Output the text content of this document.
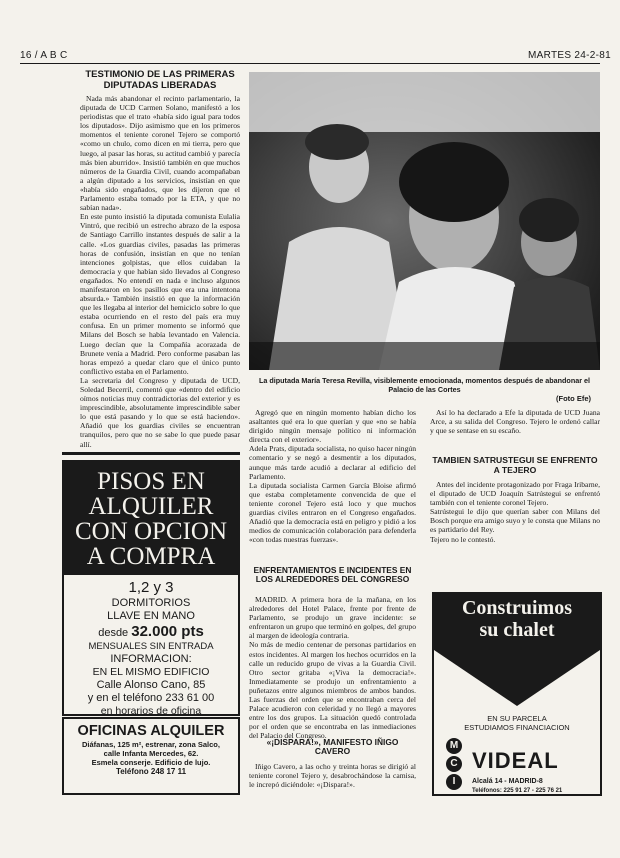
16 / A B C	MARTES 24-2-81
TESTIMONIO DE LAS PRIMERAS DIPUTADAS LIBERADAS
Nada más abandonar el recinto parlamentario, la diputada de UCD Carmen Solano, manifestó a los periodistas que el trato «había sido igual para todos los diputados». Dijo asimismo que en los primeros momentos el teniente coronel Tejero se comportó «como un chulo, como dicen en mi tierra, pero que luego, al pasar las horas, su actitud cambió y parecía más bien aburrido». Insistió también en que muchos números de la Guardia Civil, cuando acompañaban a algún diputado a los servicios, insistían en que «había sido engañados, que les dijeron que el Parlamento estaba tomado por la ETA, y que no sabían nada».
En este punto insistió la diputada comunista Eulalia Vintró, que recibió un estrecho abrazo de la esposa de Santiago Carrillo instantes después de salir a la calle. «Los guardias civiles, pasadas las primeras horas de confusión, insistían en que no tenían intenciones golpistas, que ellos cuidaban la democracia y que habían sido llevados al Congreso engañados. No entendí en nada e incluso algunos manifestaron en los pasillos que era una intentona absurda.» También insistió en que la información que les llegaba al interior del hemiciclo sobre lo que estaba ocurriendo en el resto del país era muy confusa. En un primer momento se informó que Milans del Bosch se había levantado en Valencia. Luego decían que la Compañía acorazada de Brunete venía a Madrid. Pero conforme pasaban las horas empezó a quedar claro que el único punto conflictivo estaba en el Parlamento.
La secretaria del Congreso y diputada de UCD, Soledad Becerril, comentó que «dentro del edificio oímos noticias muy contradictorias del exterior y es imprescindible, absolutamente imprescindible saber lo que está pasando y lo que se está haciendo». Añadió que los guardias civiles se encuentran tranquilos, pero que no se sabe lo que puede pasar allí.
PISOS EN
ALQUILER
CON OPCION
A COMPRA
1,2 y 3
DORMITORIOS
LLAVE EN MANO
desde 32.000 pts
MENSUALES SIN ENTRADA
INFORMACION:
EN EL MISMO EDIFICIO
Calle Alonso Cano, 85
y en el teléfono 233 61 00
en horarios de oficina
OFICINAS ALQUILER
Diáfanas, 125 m², estrenar, zona Salco,
calle Infanta Mercedes, 62.
Esmela conserje. Edificio de lujo.
Teléfono 248 17 11
La diputada María Teresa Revilla, visiblemente emocionada, momentos después de abandonar el Palacio de las Cortes
(Foto Efe)
Agregó que en ningún momento habían dicho los asaltantes qué era lo que querían y que «no se había dirigido ningún mensaje político ni información directa con el exterior».
Adela Prats, diputada socialista, no quiso hacer ningún comentario y se negó a desmentir a los diputados, aunque más tarde acudió a declarar al edificio del Parlamento.
La diputada socialista Carmen García Bloise afirmó que estaba completamente convencida de que el teniente coronel Tejero está loco y que muchos guardias civiles entraron en el Congreso engañados. Añadió que la democracia está en peligro y pidió a los medios de comunicación colaboración para defenderla «con todas nuestras fuerzas».
ENFRENTAMIENTOS E INCIDENTES EN LOS ALREDEDORES DEL CONGRESO
MADRID. A primera hora de la mañana, en los alrededores del Hotel Palace, frente por frente de Parlamento, se produjo un grave incidente: se enfrentaron un grupo que terminó en golpes, del grupo al margen de ideología contraria.
No más de medio centenar de personas partidarios en estos incidentes. Al margen los hechos ocurridos en la calle un reducido grupo de vivas a la Guardia Civil. Otro sector gritaba «¡Viva la democracia!». Inmediatamente se produjo un enfrentamiento a puñetazos entre algunos miembros de ambos bandos. Las fuerzas del orden que se encontraban cerca del Palace acudieron con celeridad y no llegó a mayores entre los dos grupos. La situación quedó controlada por el orden que se encontraba en las inmediaciones del Palacio del Congreso.
«¡DISPARA!», MANIFESTO IÑIGO CAVERO
Iñigo Cavero, a las ocho y treinta horas se dirigió al teniente coronel Tejero y, desabrochándose la camisa, le increpó diciéndole: «¡Dispara!».
Así lo ha declarado a Efe la diputada de UCD Juana Arce, a su salida del Congreso. Tejero le ordenó callar y que se sentase en su escaño.
TAMBIEN SATRUSTEGUI SE ENFRENTO A TEJERO
Antes del incidente protagonizado por Fraga Iribarne, el diputado de UCD Joaquín Satrústegui se enfrentó también con el teniente coronel Tejero.
Satrústegui le dijo que querían saber con Milans del Bosch porque era amigo suyo y le consta que Milans no es partidario del Rey.
Tejero no le contestó.
Construimos
su chalet
EN SU PARCELA
ESTUDIAMOS FINANCIACION
M
C
I
VIDEAL
Alcalá 14 - MADRID-8
Teléfonos: 225 91 27 - 225 76 21
